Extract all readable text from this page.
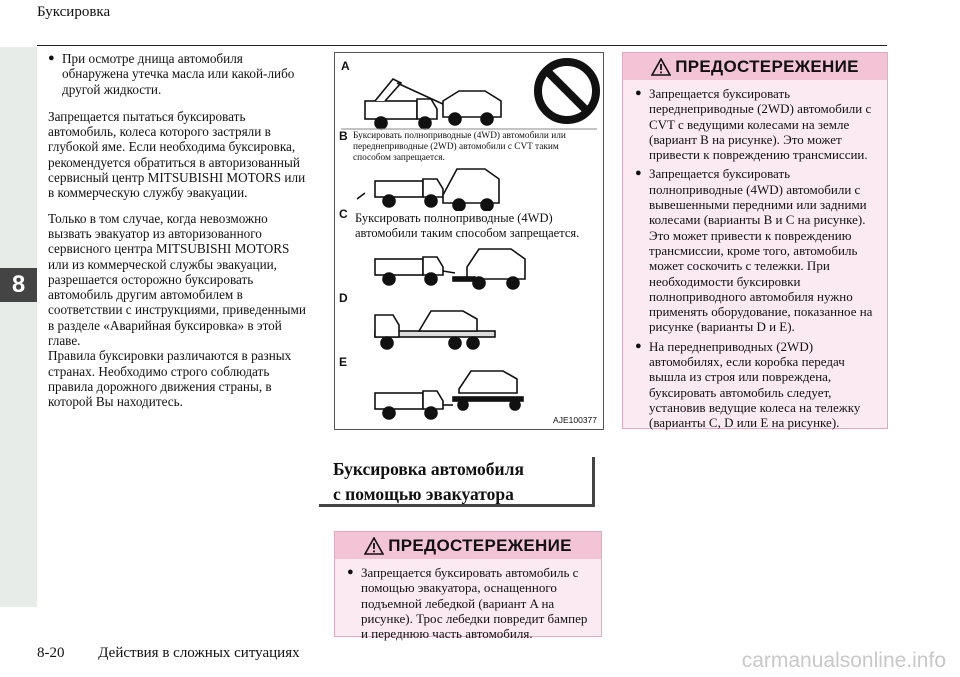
Буксировка
8
● При осмотре днища автомобиля обнаружена утечка масла или какой-либо другой жидкости.

Запрещается пытаться буксировать автомобиль, колеса которого застряли в глубокой яме. Если необходима буксировка, рекомендуется обратиться в авторизованный сервисный центр MITSUBISHI MOTORS или в коммерческую службу эвакуации.

Только в том случае, когда невозможно вызвать эвакуатор из авторизованного сервисного центра MITSUBISHI MOTORS или из коммерческой службы эвакуации, разрешается осторожно буксировать автомобиль другим автомобилем в соответствии с инструкциями, приведенными в разделе «Аварийная буксировка» в этой главе.

Правила буксировки различаются в разных странах. Необходимо строго соблюдать правила дорожного движения страны, в которой Вы находитесь.

A
B
C
D
E
Буксировать полноприводные (4WD) автомобили или переднеприводные (2WD) автомобили с CVT таким способом запрещается.
Буксировать полноприводные (4WD) автомобили таким способом запрещается.
AJE100377
Буксировка автомобиля
с помощью эвакуатора
ПРЕДОСТЕРЕЖЕНИЕ
● Запрещается буксировать автомобиль с помощью эвакуатора, оснащенного подъемной лебедкой (вариант A на рисунке). Трос лебедки повредит бампер и переднюю часть автомобиля.
ПРЕДОСТЕРЕЖЕНИЕ
● Запрещается буксировать переднеприводные (2WD) автомобили с CVT с ведущими колесами на земле (вариант B на рисунке). Это может привести к повреждению трансмиссии.
● Запрещается буксировать полноприводные (4WD) автомобили с вывешенными передними или задними колесами (варианты B и C на рисунке). Это может привести к повреждению трансмиссии, кроме того, автомобиль может соскочить с тележки. При необходимости буксировки полноприводного автомобиля нужно применять оборудование, показанное на рисунке (варианты D и E).
● На переднеприводных (2WD) автомобилях, если коробка передач вышла из строя или повреждена, буксировать автомобиль следует, установив ведущие колеса на тележку (варианты C, D или E на рисунке).
8-20 Действия в сложных ситуациях	carmanualsonline.info
